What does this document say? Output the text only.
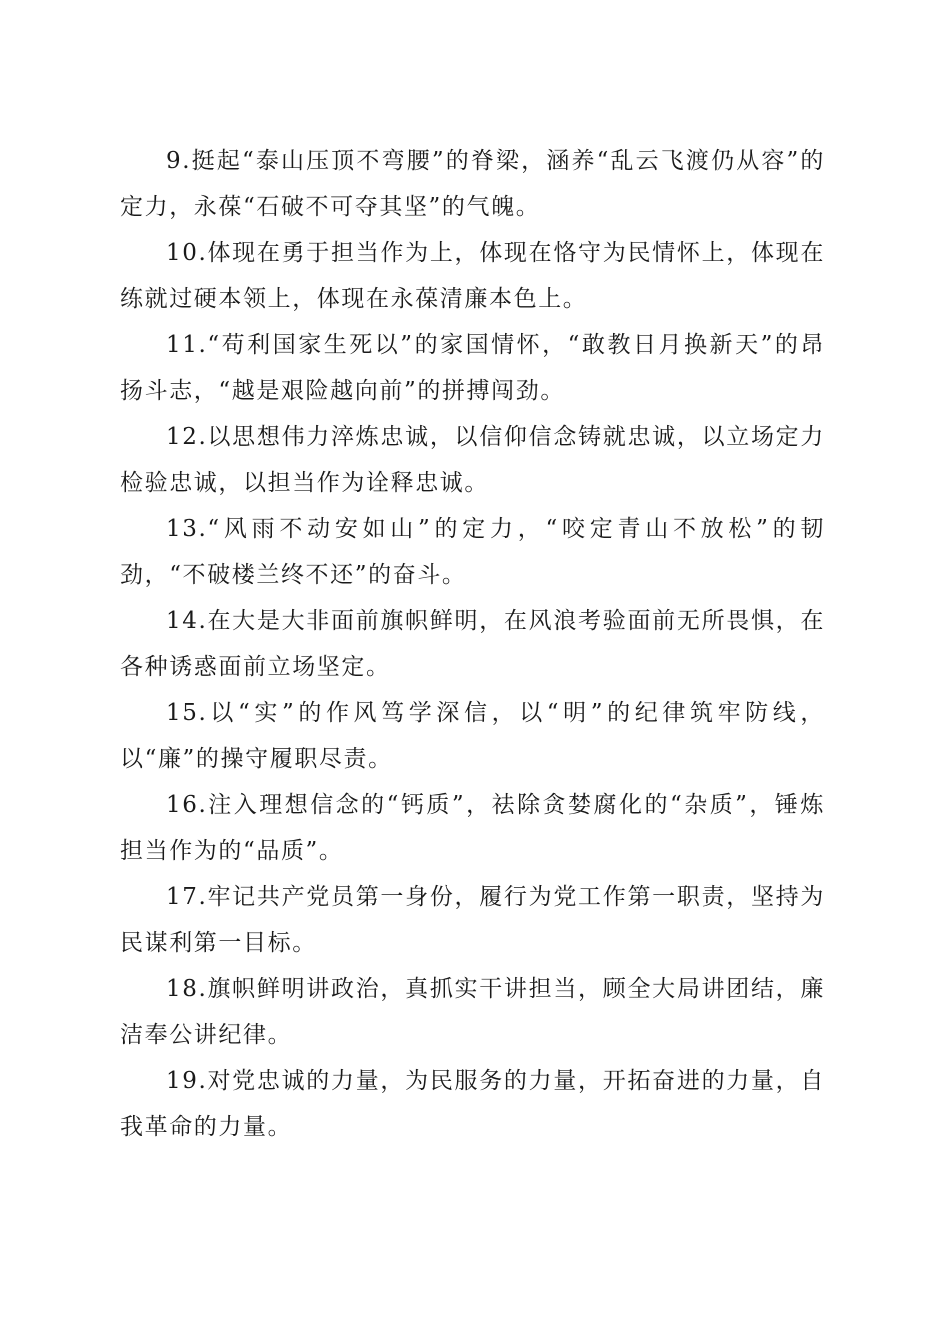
9.挺起“泰山压顶不弯腰”的脊梁，涵养“乱云飞渡仍从容”的定力，永葆“石破不可夺其坚”的气魄。

10.体现在勇于担当作为上，体现在恪守为民情怀上，体现在练就过硬本领上，体现在永葆清廉本色上。

11.“苟利国家生死以”的家国情怀，“敢教日月换新天”的昂扬斗志，“越是艰险越向前”的拼搏闯劲。

12.以思想伟力淬炼忠诚，以信仰信念铸就忠诚，以立场定力检验忠诚，以担当作为诠释忠诚。

13.“风雨不动安如山”的定力，“咬定青山不放松”的韧劲，“不破楼兰终不还”的奋斗。

14.在大是大非面前旗帜鲜明，在风浪考验面前无所畏惧，在各种诱惑面前立场坚定。

15.以“实”的作风笃学深信，以“明”的纪律筑牢防线，以“廉”的操守履职尽责。

16.注入理想信念的“钙质”，祛除贪婪腐化的“杂质”，锤炼担当作为的“品质”。

17.牢记共产党员第一身份，履行为党工作第一职责，坚持为民谋利第一目标。

18.旗帜鲜明讲政治，真抓实干讲担当，顾全大局讲团结，廉洁奉公讲纪律。

19.对党忠诚的力量，为民服务的力量，开拓奋进的力量，自我革命的力量。
